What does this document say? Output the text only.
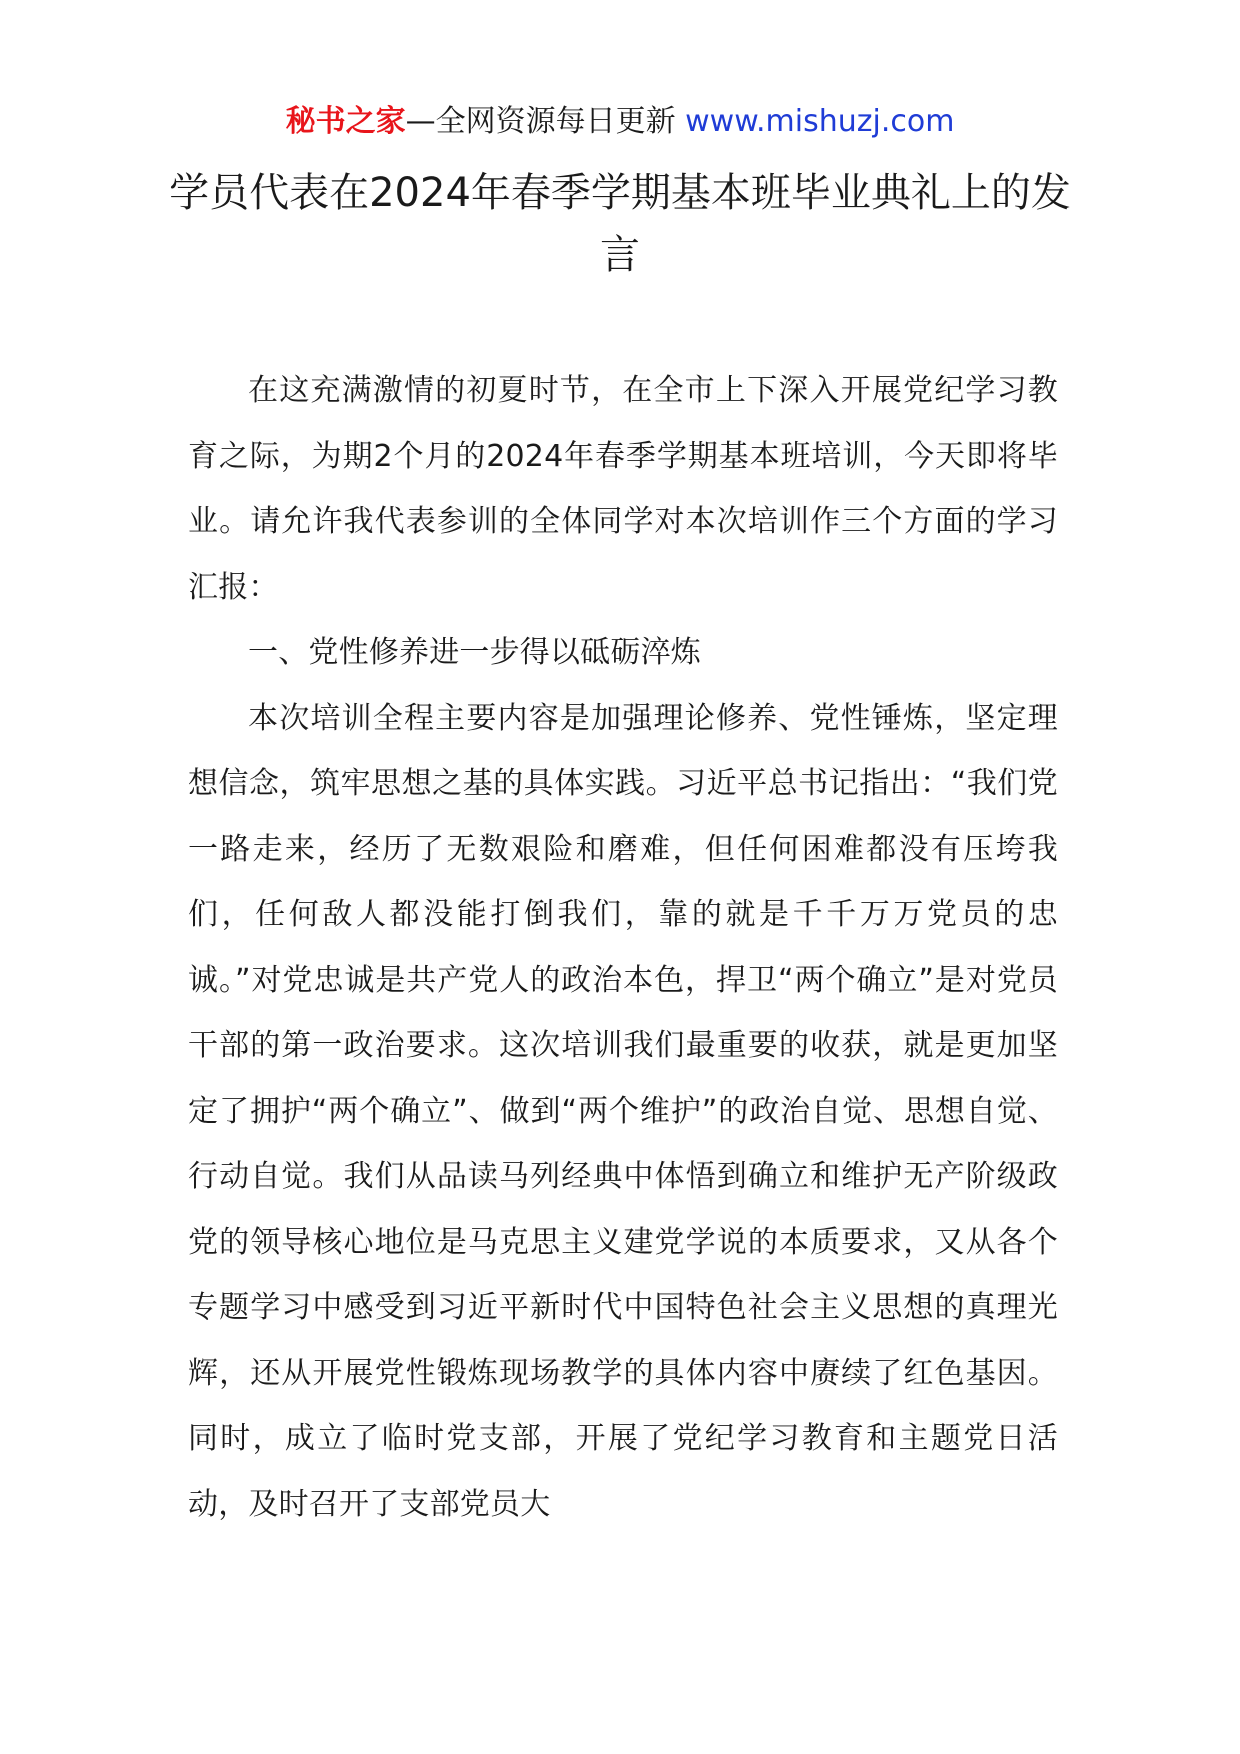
秘书之家—全网资源每日更新 www.mishuzj.com
学员代表在2024年春季学期基本班毕业典礼上的发言

在这充满激情的初夏时节，在全市上下深入开展党纪学习教育之际，为期2个月的2024年春季学期基本班培训，今天即将毕业。请允许我代表参训的全体同学对本次培训作三个方面的学习汇报：

一、党性修养进一步得以砥砺淬炼

本次培训全程主要内容是加强理论修养、党性锤炼，坚定理想信念，筑牢思想之基的具体实践。习近平总书记指出：“我们党一路走来，经历了无数艰险和磨难，但任何困难都没有压垮我们，任何敌人都没能打倒我们，靠的就是千千万万党员的忠诚。”对党忠诚是共产党人的政治本色，捍卫“两个确立”是对党员干部的第一政治要求。这次培训我们最重要的收获，就是更加坚定了拥护“两个确立”、做到“两个维护”的政治自觉、思想自觉、行动自觉。我们从品读马列经典中体悟到确立和维护无产阶级政党的领导核心地位是马克思主义建党学说的本质要求，又从各个专题学习中感受到习近平新时代中国特色社会主义思想的真理光辉，还从开展党性锻炼现场教学的具体内容中赓续了红色基因。同时，成立了临时党支部，开展了党纪学习教育和主题党日活动，及时召开了支部党员大
